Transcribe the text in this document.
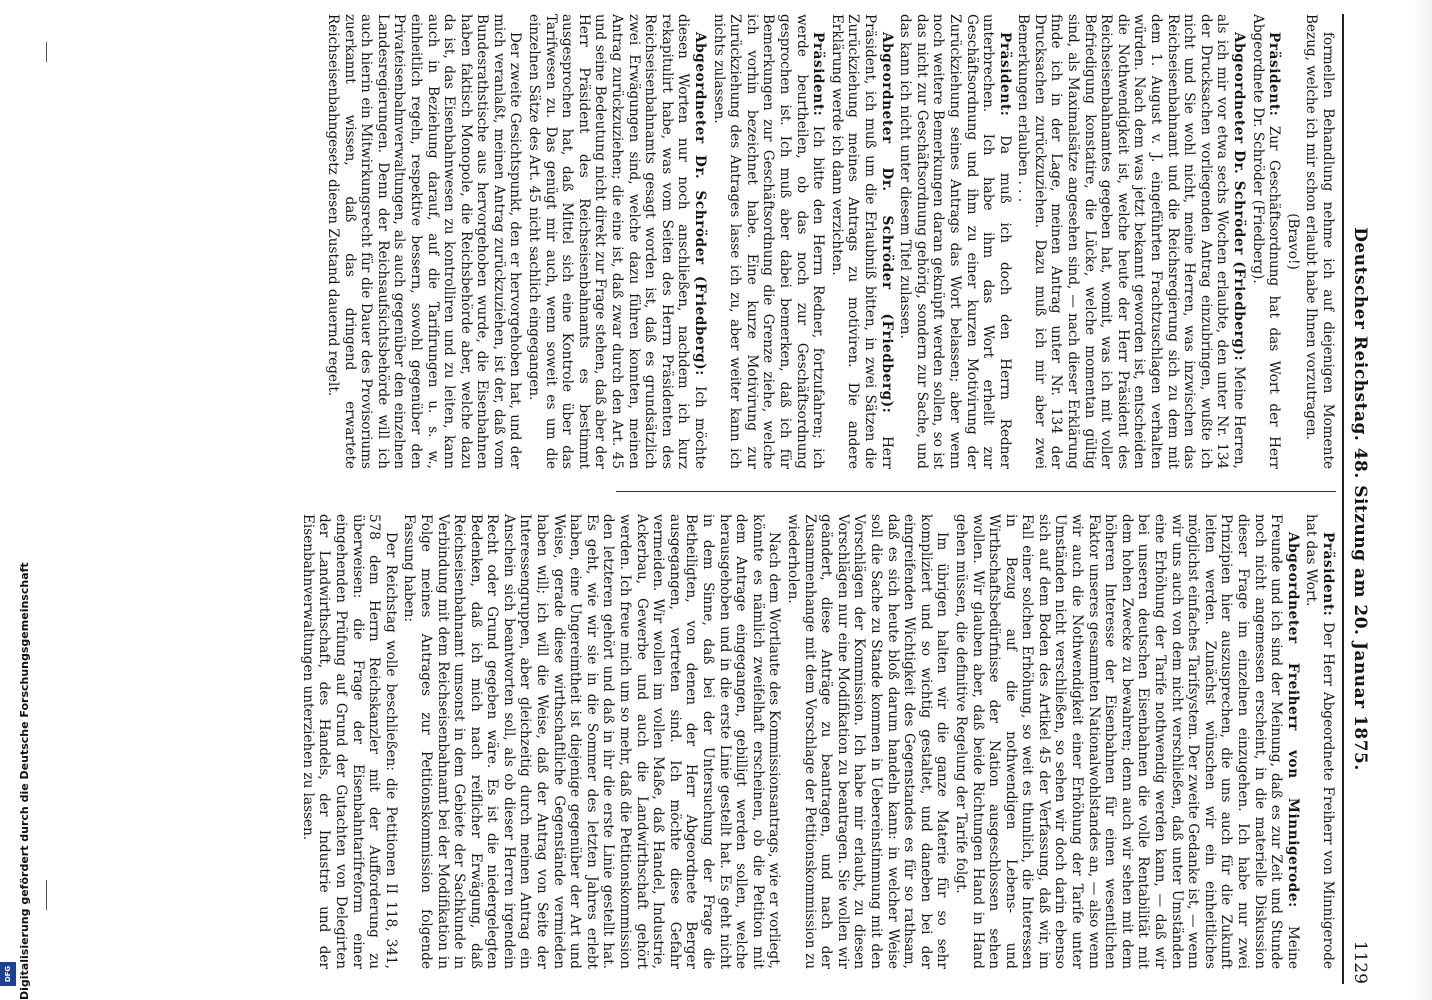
Deutscher Reichstag. 48. Sitzung am 20. Januar 1875.
1129

formellen Behandlung nehme ich auf diejenigen Momente Bezug, welche ich mir schon erlaubt habe Ihnen vorzutragen.

(Bravo!)

Präsident: Zur Geschäftsordnung hat das Wort der Herr Abgeordnete Dr. Schröder (Friedberg).

Abgeordneter Dr. Schröder (Friedberg): Meine Herren, als ich mir vor etwa sechs Wochen erlaubte, den unter Nr. 134 der Drucksachen vorliegenden Antrag einzubringen, wußte ich nicht und Sie wohl nicht, meine Herren, was inzwischen das Reichseisenbahnamt und die Reichsregierung sich zu dem mit dem 1. August v. J. eingeführten Frachtzuschlagen verhalten würden. Nach dem was jetzt bekannt geworden ist, entscheiden die Nothwendigkeit ist, welche heute der Herr Präsident des Reichseisenbahnamtes gegeben hat, womit, was ich mit voller Befriedigung konstatire, die Lücke, welche momentan gültig sind, als Maximalsätze angesehen sind, — nach dieser Erklärung finde ich in der Lage, meinen Antrag unter Nr. 134 der Drucksachen zurückzuziehen. Dazu muß ich mir aber zwei Bemerkungen erlauben . . .

Präsident: Da muß ich doch den Herrn Redner unterbrechen. Ich habe ihm das Wort erhellt zur Geschäftsordnung und ihm zu einer kurzen Motivirung der Zurückziehung seines Antrags das Wort belassen; aber wenn noch weitere Bemerkungen daran geknüpft werden sollen, so ist das nicht zur Geschäftsordnung gehörig, sondern zur Sache, und das kann ich nicht unter diesem Titel zulassen.

Abgeordneter Dr. Schröder (Friedberg): Herr Präsident, ich muß um die Erlaubniß bitten, in zwei Sätzen die Zurückziehung meines Antrags zu motiviren. Die andere Erklärung werde ich dann verzichten.

Präsident: Ich bitte den Herrn Redner, fortzufahren; ich werde beurtheilen, ob das noch zur Geschäftsordnung gesprochen ist. Ich muß aber dabei bemerken, daß ich für Bemerkungen zur Geschäftsordnung die Grenze ziehe, welche ich vorhin bezeichnet habe. Eine kurze Motivirung zur Zurückziehung des Antrages lasse ich zu, aber weiter kann ich nichts zulassen.

Abgeordneter Dr. Schröder (Friedberg): Ich möchte diesen Worten nur noch anschließen, nachdem ich kurz rekapitulirt habe, was vom Seiten des Herrn Präsidenten des Reichseisenbahnamts gesagt worden ist, daß es grundsätzlich zwei Erwägungen sind, welche dazu führen konnten, meinen Antrag zurückzuziehen; die eine ist, daß zwar durch den Art. 45 und seine Bedeutung nicht direkt zur Frage stehen, daß aber der Herr Präsident des Reichseisenbahnamts es bestimmt ausgesprochen hat, daß Mittel sich eine Kontrole über das Tarifwesen zu. Das genügt mir auch, wenn soweit es um die einzelnen Sätze des Art. 45 nicht sachlich eingegangen.

Der zweite Gesichtspunkt, den er hervorgehoben hat, und der mich veranlaßt, meinen Antrag zurückzuziehen, ist der, daß vom Bundesrathstische aus hervorgehoben wurde, die Eisenbahnen haben faktisch Monopole, die Reichsbehörde aber, welche dazu da ist, das Eisenbahnwesen zu kontrolliren und zu leiten, kann auch in Beziehung darauf, auf die Tarifirungen u. s. w., einheitlich regeln, respektive bessern, sowohl gegenüber den Privateisenbahnverwaltungen, als auch gegenüber den einzelnen Landesregierungen. Denn der Reichsaufsichtsbehörde will ich auch hierin ein Mitwirkungsrecht für die Dauer des Provisoriums zuerkannt wissen, daß das dringend erwartete Reichseisenbahngesetz diesen Zustand dauernd regelt.

Präsident: Der Herr Abgeordnete Freiherr von Minnigerode hat das Wort.

Abgeordneter Freiherr von Minnigerode: Meine Freunde und ich sind der Meinung, daß es zur Zeit und Stunde noch nicht angemessen erscheint, in die materielle Diskussion dieser Frage im einzelnen einzugehen. Ich habe nur zwei Prinzipien hier auszusprechen, die uns auch für die Zukunft leiten werden. Zunächst wünschen wir ein einheitliches möglichst einfaches Tarifsystem. Der zweite Gedanke ist, — wenn wir uns auch von dem nicht verschließen, daß unter Umständen eine Erhöhung der Tarife nothwendig werden kann, — daß wir bei unseren deutschen Eisenbahnen die volle Rentabilität mit dem hohen Zwecke zu bewahren; denn auch wir sehen mit dem höheren Interesse der Eisenbahnen für einen wesentlichen Faktor unseres gesammten Nationalwohlstandes an, — also wenn wir auch die Nothwendigkeit einer Erhöhung der Tarife unter Umständen nicht verschließen, so sehen wir doch darin ebenso sich auf dem Boden des Artikel 45 der Verfassung, daß wir, im Fall einer solchen Erhöhung, so weit es thunlich, die Interessen in Bezug auf die nothwendigen Lebens- und Wirthschaftsbedürfnisse der Nation ausgeschlossen sehen wollen. Wir glauben aber, daß beide Richtungen Hand in Hand gehen müssen, die definitive Regelung der Tarife folgt.

Im übrigen halten wir die ganze Materie für so sehr kompliziert und so wichtig gestaltet, und daneben bei der eingreifenden Wichtigkeit des Gegenstandes es für so rathsam, daß es sich heute bloß darum handeln kann: in welcher Weise soll die Sache zu Stande kommen in Uebereinstimmung mit den Vorschlägen der Kommission. Ich habe mir erlaubt, zu diesen Vorschlägen nur eine Modifikation zu beantragen. Sie wollen wir geändert, diese Anträge zu beantragen, und nach der Zusammenhange mit dem Vorschlage der Petitionskommission zu wiederholen.

Nach dem Wortlaute des Kommissionsantrags, wie er vorliegt, könnte es nämlich zweifelhaft erscheinen, ob die Petition mit dem Antrage eingegangen, gebilligt werden sollen, welche herausgehoben und in die erste Linie gestellt hat. Es geht nicht in dem Sinne, daß bei der Untersuchung der Frage die Betheiligten, von denen der Herr Abgeordnete Berger ausgegangen, vertreten sind. Ich möchte diese Gefahr vermeiden. Wir wollen im vollen Maße, daß Handel, Industrie, Ackerbau, Gewerbe und auch die Landwirthschaft gehört werden. Ich freue mich um so mehr, daß die Petitionskommission den letzteren gehört und daß in ihr die erste Linie gestellt hat. Es geht, wie wir sie in die Sommer des letzten Jahres erlebt haben, eine Ungereimtheit ist diejenige gegenüber der Art und Weise, gerade diese wirthschaftliche Gegenstände vermieden haben will; ich will die Weise, daß der Antrag von Seite der Interessengruppen, aber gleichzeitig durch meinen Antrag ein Anschein sich beantworten soll, als ob dieser Herren irgendein Recht oder Grund gegeben wäre. Es ist die niedergelegten Bedenken, daß ich mich nach reiflicher Erwägung, daß Reichseisenbahnamt umsonst in dem Gebiete der Sachkunde in Verbindung mit dem Reichseisenbahnamt bei der Modifikation in Folge meines Antrages zur Petitionskommission folgende Fassung haben:

Der Reichstag wolle beschließen: die Petitionen II 118, 341, 578 dem Herrn Reichskanzler mit der Aufforderung zu überweisen: die Frage der Eisenbahntarifreform einer eingehenden Prüfung auf Grund der Gutachten von Delegirten der Landwirthschaft, des Handels, der Industrie und der Eisenbahnverwaltungen unterziehen zu lassen.

Digitalisierung gefördert durch die Deutsche Forschungsgemeinschaft
DFG
